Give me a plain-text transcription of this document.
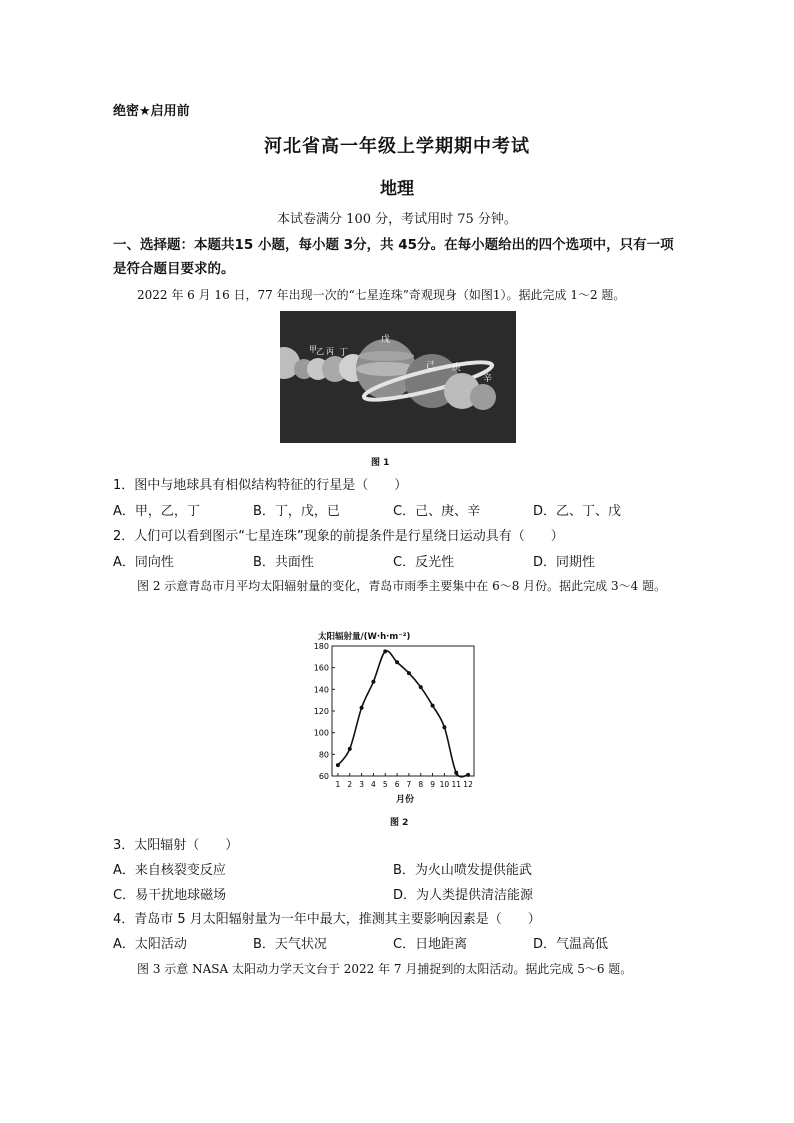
绝密★启用前
河北省高一年级上学期期中考试
地理
本试卷满分 100 分，考试用时 75 分钟。
一、选择题：本题共15 小题，每小题 3分，共 45分。在每小题给出的四个选项中，只有一项是符合题目要求的。
2022 年 6 月 16 日，77 年出现一次的“七星连珠”奇观现身（如图1）。据此完成 1～2 题。
甲 乙 丙 丁
戊
己 庚
辛
图 1
1．图中与地球具有相似结构特征的行星是（　　）
A．甲，乙，丁	B．丁，戊，已	C．己、庚、辛	D．乙、丁、戊
2．人们可以看到图示“七星连珠”现象的前提条件是行星绕日运动具有（　　）
A．同向性	B．共面性	C．反光性	D．同期性
图 2 示意青岛市月平均太阳辐射量的变化，青岛市雨季主要集中在 6～8 月份。据此完成 3～4 题。
太阳辐射量/(W·h·m⁻²)
60
80
100
120
140
160
180
1 2 3 4 5 6 7 8 9 10 11 12
月份
图 2
3．太阳辐射（　　）
A．来自核裂变反应	B．为火山喷发提供能武
C．易干扰地球磁场	D．为人类提供清洁能源
4．青岛市 5 月太阳辐射量为一年中最大，推测其主要影响因素是（　　）
A．太阳活动	B．天气状况	C．日地距离	D．气温高低
图 3 示意 NASA 太阳动力学天文台于 2022 年 7 月捕捉到的太阳活动。据此完成 5～6 题。
